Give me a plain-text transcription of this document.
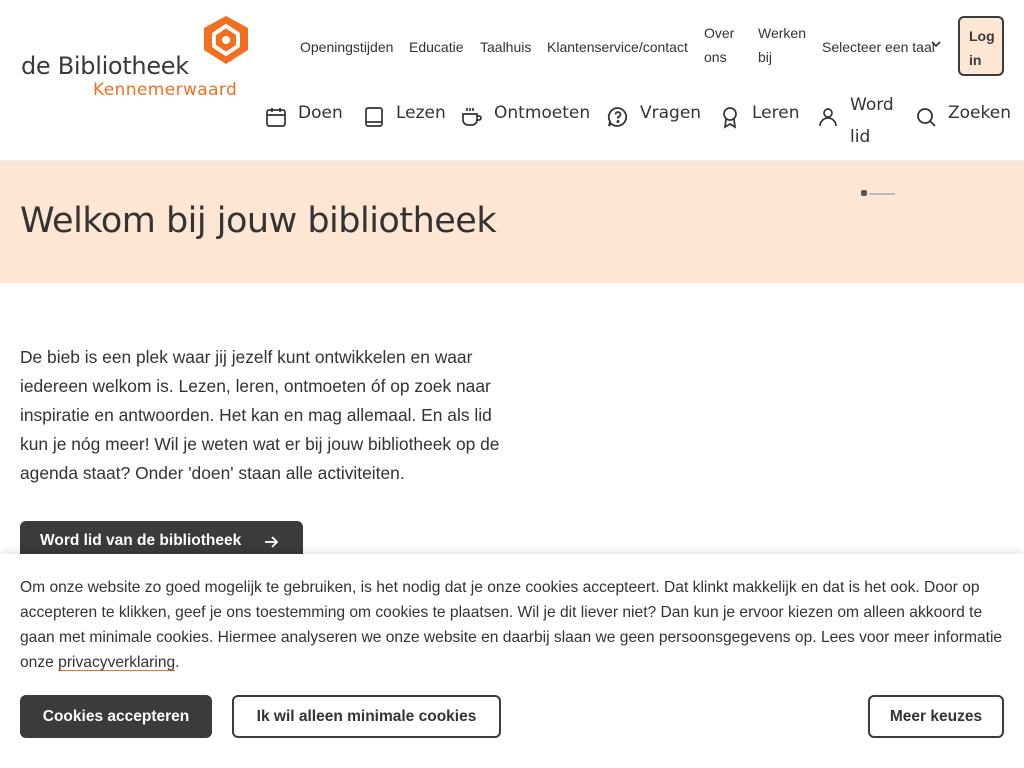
de Bibliotheek
Kennemerwaard
Openingstijden Educatie Taalhuis Klantenservice/contact
Over ons
Werken bij
Selecteer een taal
Log in
Doen	Lezen	Ontmoeten	Vragen	Leren	Word lid
Zoeken
Welkom bij jouw bibliotheek

De bieb is een plek waar jij jezelf kunt ontwikkelen en waar iedereen welkom is. Lezen, leren, ontmoeten óf op zoek naar inspiratie en antwoorden. Het kan en mag allemaal. En als lid kun je nóg meer! Wil je weten wat er bij jouw bibliotheek op de agenda staat? Onder 'doen' staan alle activiteiten.

Word lid van de bibliotheek

Om onze website zo goed mogelijk te gebruiken, is het nodig dat je onze cookies accepteert. Dat klinkt makkelijk en dat is het ook. Door op accepteren te klikken, geef je ons toestemming om cookies te plaatsen. Wil je dit liever niet? Dan kun je ervoor kiezen om alleen akkoord te gaan met minimale cookies. Hiermee analyseren we onze website en daarbij slaan we geen persoonsgegevens op. Lees voor meer informatie onze privacyverklaring.

Cookies accepteren	Ik wil alleen minimale cookies	Meer keuzes
